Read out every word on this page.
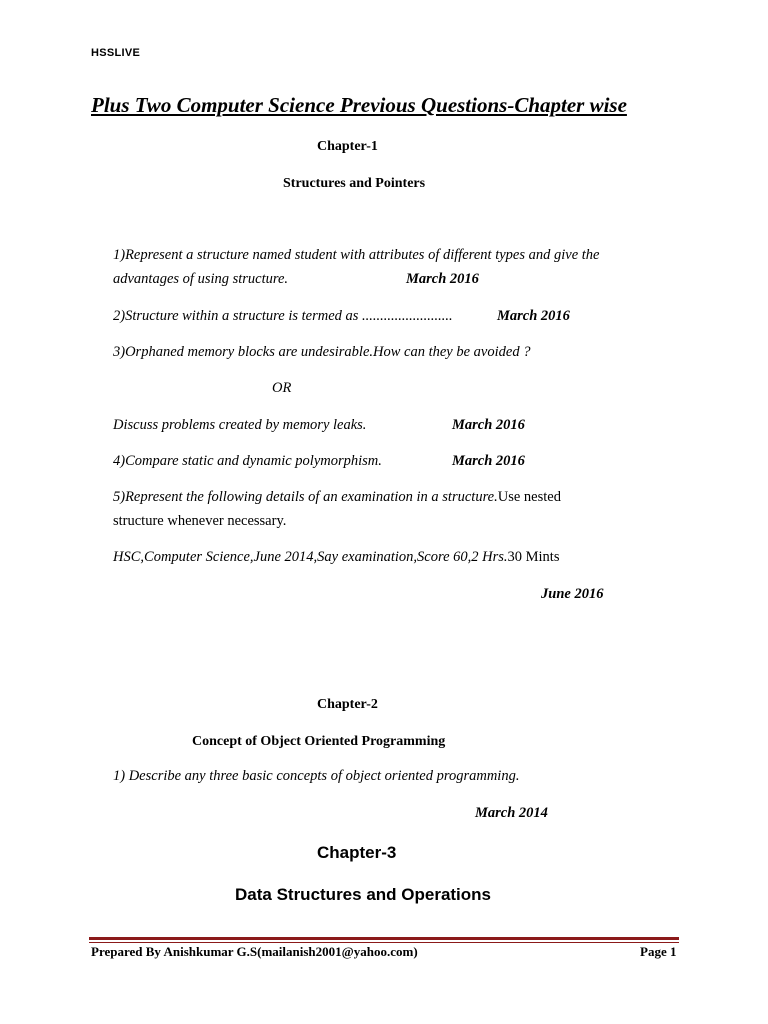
HSSLIVE
Plus Two Computer Science Previous Questions-Chapter wise
Chapter-1
Structures and Pointers
1)Represent a structure named student with attributes of different types and give the
advantages of using structure.	March 2016
2)Structure within a structure is termed as .........................	March 2016
3)Orphaned memory blocks are undesirable.How can they be avoided ?
OR
Discuss problems created by memory leaks.	March 2016
4)Compare static and dynamic polymorphism.	March 2016
5)Represent the following details of an examination in a structure.Use nested
structure whenever necessary.
HSC,Computer Science,June 2014,Say examination,Score 60,2 Hrs.30 Mints
June 2016
Chapter-2
Concept of Object Oriented Programming
1) Describe any three basic concepts of object oriented programming.
March 2014
Chapter-3
Data Structures and Operations
Prepared By Anishkumar G.S(mailanish2001@yahoo.com)	Page 1
